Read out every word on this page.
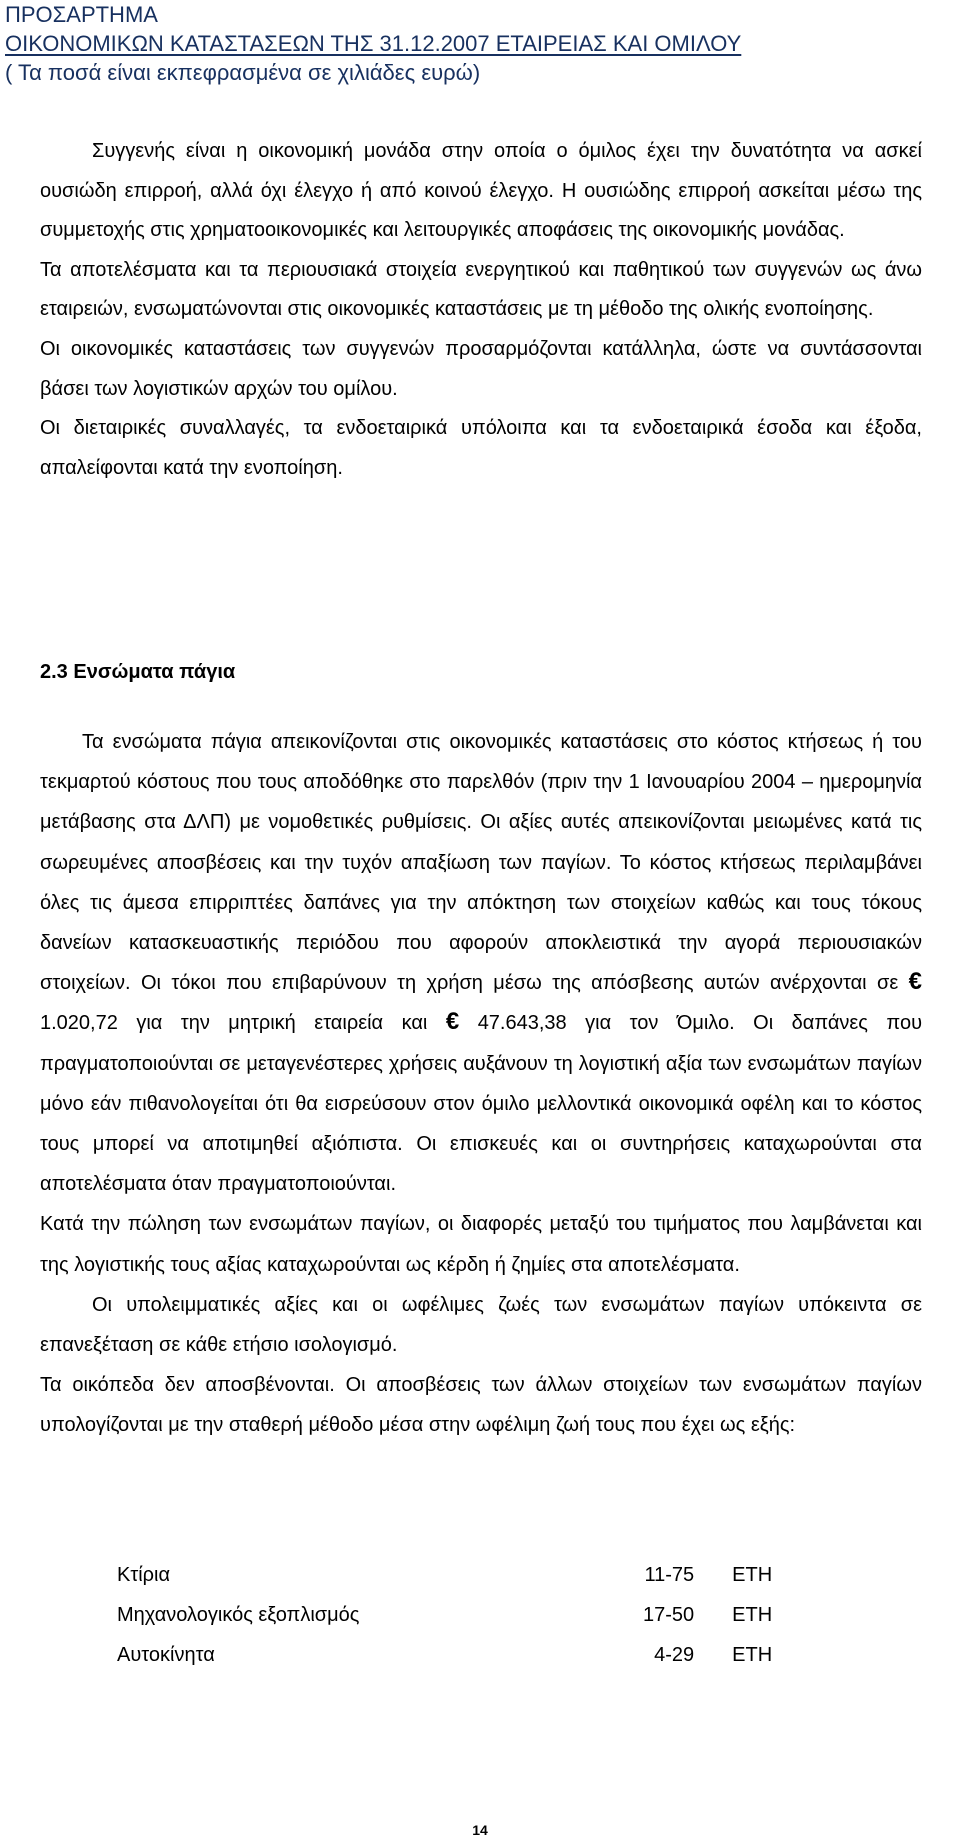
ΠΡΟΣΑΡΤΗΜΑ
ΟΙΚΟΝΟΜΙΚΩΝ ΚΑΤΑΣΤΑΣΕΩΝ ΤΗΣ 31.12.2007 ΕΤΑΙΡΕΙΑΣ ΚΑΙ ΟΜΙΛΟΥ
( Τα ποσά είναι εκπεφρασμένα σε χιλιάδες ευρώ)

Συγγενής είναι η οικονομική μονάδα στην οποία ο όμιλος έχει την δυνατότητα να ασκεί ουσιώδη επιρροή, αλλά όχι έλεγχο ή από κοινού έλεγχο. Η ουσιώδης επιρροή ασκείται μέσω της συμμετοχής στις χρηματοοικονομικές και λειτουργικές αποφάσεις της οικονομικής μονάδας.

Τα αποτελέσματα και τα περιουσιακά στοιχεία ενεργητικού και παθητικού των συγγενών ως άνω εταιρειών, ενσωματώνονται στις οικονομικές καταστάσεις με τη μέθοδο της ολικής ενοποίησης.

Οι οικονομικές καταστάσεις των συγγενών προσαρμόζονται κατάλληλα, ώστε να συντάσσονται βάσει των λογιστικών αρχών του ομίλου.

Οι διεταιρικές συναλλαγές, τα ενδοεταιρικά υπόλοιπα και τα ενδοεταιρικά έσοδα και έξοδα, απαλείφονται κατά την ενοποίηση.

2.3 Ενσώματα πάγια

Τα ενσώματα πάγια απεικονίζονται στις οικονομικές καταστάσεις στο κόστος κτήσεως ή του τεκμαρτού κόστους που τους αποδόθηκε στο παρελθόν (πριν την 1 Ιανουαρίου 2004 – ημερομηνία μετάβασης στα ΔΛΠ) με νομοθετικές ρυθμίσεις. Οι αξίες αυτές απεικονίζονται μειωμένες κατά τις σωρευμένες αποσβέσεις και την τυχόν απαξίωση των παγίων. Το κόστος κτήσεως περιλαμβάνει όλες τις άμεσα επιρριπτέες δαπάνες για την απόκτηση των στοιχείων καθώς και τους τόκους δανείων κατασκευαστικής περιόδου που αφορούν αποκλειστικά την αγορά περιουσιακών στοιχείων. Οι τόκοι που επιβαρύνουν τη χρήση μέσω της απόσβεσης αυτών ανέρχονται σε € 1.020,72 για την μητρική εταιρεία και € 47.643,38 για τον Όμιλο. Οι δαπάνες που πραγματοποιούνται σε μεταγενέστερες χρήσεις αυξάνουν τη λογιστική αξία των ενσωμάτων παγίων μόνο εάν πιθανολογείται ότι θα εισρεύσουν στον όμιλο μελλοντικά οικονομικά οφέλη και το κόστος τους μπορεί να αποτιμηθεί αξιόπιστα. Οι επισκευές και οι συντηρήσεις καταχωρούνται στα αποτελέσματα όταν πραγματοποιούνται.

Κατά την πώληση των ενσωμάτων παγίων, οι διαφορές μεταξύ του τιμήματος που λαμβάνεται και της λογιστικής τους αξίας καταχωρούνται ως κέρδη ή ζημίες στα αποτελέσματα.

Οι υπολειμματικές αξίες και οι ωφέλιμες ζωές των ενσωμάτων παγίων υπόκειντα σε επανεξέταση σε κάθε ετήσιο ισολογισμό.

Τα οικόπεδα δεν αποσβένονται. Οι αποσβέσεις των άλλων στοιχείων των ενσωμάτων παγίων υπολογίζονται με την σταθερή μέθοδο μέσα στην ωφέλιμη ζωή τους που έχει ως εξής:

Κτίρια	11-75	ΕΤΗ
Μηχανολογικός εξοπλισμός	17-50	ΕΤΗ
Αυτοκίνητα	4-29	ΕΤΗ
14
